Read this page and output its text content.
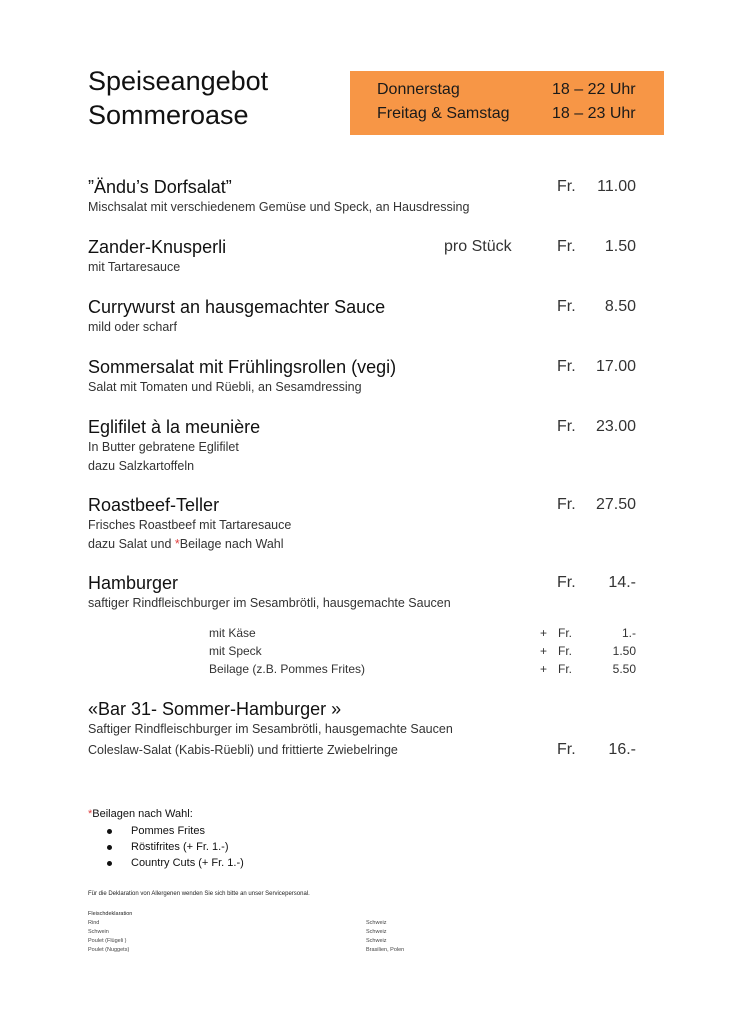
Speiseangebot
Sommeroase
Donnerstag	18 – 22 Uhr
Freitag & Samstag	18 – 23 Uhr
”Ändu’s Dorfsalat”
Mischsalat mit verschiedenem Gemüse und Speck, an Hausdressing
Fr. 11.00
Zander-Knusperli
mit Tartaresauce
pro Stück	Fr. 1.50
Currywurst an hausgemachter Sauce
mild oder scharf
Fr. 8.50
Sommersalat mit Frühlingsrollen (vegi)
Salat mit Tomaten und Rüebli, an Sesamdressing
Fr. 17.00
Eglifilet à la meunière
In Butter gebratene Eglifilet
dazu Salzkartoffeln
Fr. 23.00
Roastbeef-Teller
Frisches Roastbeef mit Tartaresauce
dazu Salat und *Beilage nach Wahl
Fr. 27.50
Hamburger
saftiger Rindfleischburger im Sesambrötli, hausgemachte Saucen
Fr. 14.-
mit Käse	+ Fr.	1.-
mit Speck	+ Fr.	1.50
Beilage (z.B. Pommes Frites)	+ Fr.	5.50
«Bar 31- Sommer-Hamburger »
Saftiger Rindfleischburger im Sesambrötli, hausgemachte Saucen
Coleslaw-Salat (Kabis-Rüebli) und frittierte Zwiebelringe	Fr. 16.-
*Beilagen nach Wahl:
Pommes Frites
Röstifrites (+ Fr. 1.-)
Country Cuts (+ Fr. 1.-)
Für die Deklaration von Allergenen wenden Sie sich bitte an unser Servicepersonal.
Fleischdeklaration
Rind	Schweiz
Schwein	Schweiz
Poulet (Flügeli )	Schweiz
Poulet (Nuggets)	Brasilien, Polen
